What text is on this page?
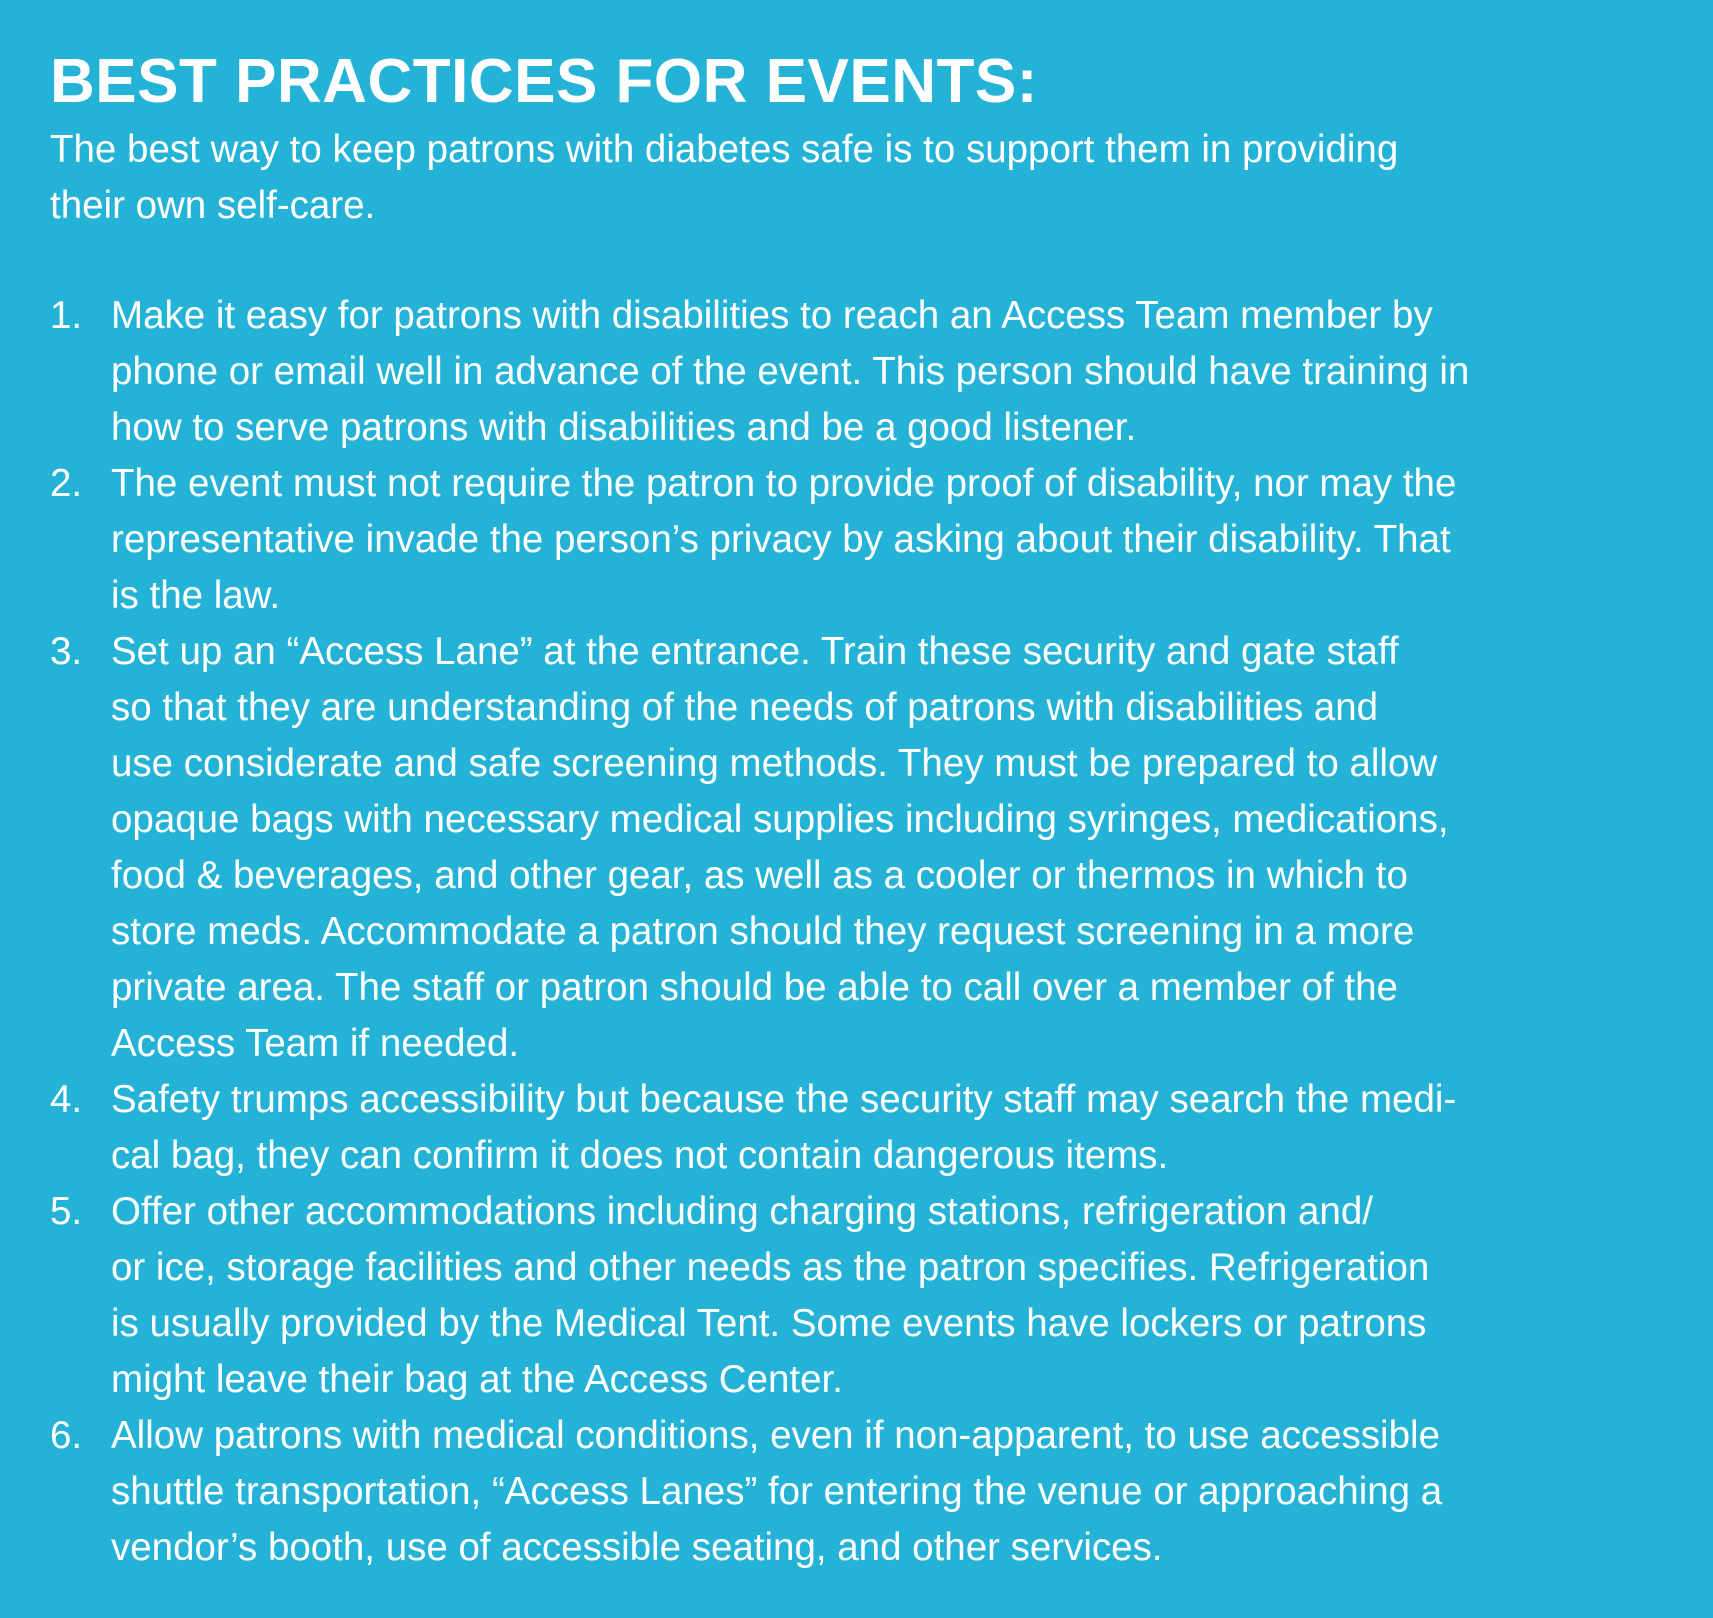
BEST PRACTICES FOR EVENTS:

The best way to keep patrons with diabetes safe is to support them in providing
their own self-care.

1. Make it easy for patrons with disabilities to reach an Access Team member by
phone or email well in advance of the event. This person should have training in
how to serve patrons with disabilities and be a good listener.
2. The event must not require the patron to provide proof of disability, nor may the
representative invade the person’s privacy by asking about their disability. That
is the law.
3. Set up an “Access Lane” at the entrance. Train these security and gate staff
so that they are understanding of the needs of patrons with disabilities and
use considerate and safe screening methods. They must be prepared to allow
opaque bags with necessary medical supplies including syringes, medications,
food & beverages, and other gear, as well as a cooler or thermos in which to
store meds. Accommodate a patron should they request screening in a more
private area. The staff or patron should be able to call over a member of the
Access Team if needed.
4. Safety trumps accessibility but because the security staff may search the medi-
cal bag, they can confirm it does not contain dangerous items.
5. Offer other accommodations including charging stations, refrigeration and/
or ice, storage facilities and other needs as the patron specifies. Refrigeration
is usually provided by the Medical Tent. Some events have lockers or patrons
might leave their bag at the Access Center.
6. Allow patrons with medical conditions, even if non-apparent, to use accessible
shuttle transportation, “Access Lanes” for entering the venue or approaching a
vendor’s booth, use of accessible seating, and other services.
